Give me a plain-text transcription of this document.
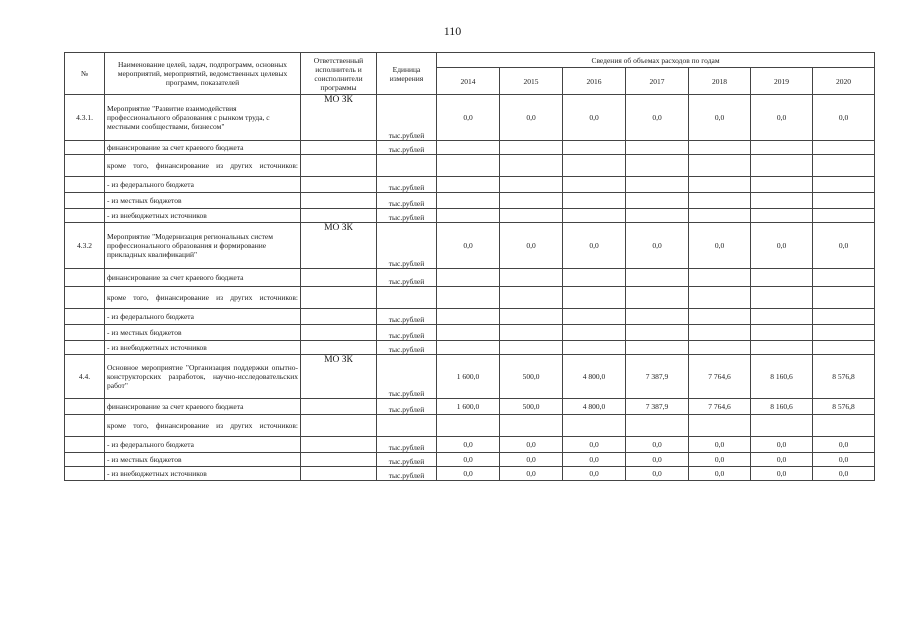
110
№	Наименование целей, задач, подпрограмм, основных мероприятий, мероприятий, ведомственных целевых программ, показателей	Ответственный исполнитель и соисполнители программы	Единица измерения	Сведения об объемах расходов по годам						
				2014	2015	2016	2017	2018	2019	2020
4.3.1.	Мероприятие "Развитие взаимодействия профессионального образования с рынком труда, с местными сообществами, бизнесом"	МО ЗК	тыс.рублей	0,0	0,0	0,0	0,0	0,0	0,0	0,0
	финансирование за счет краевого бюджета		тыс.рублей							
	кроме того, финансирование из других источников:									
	- из федерального бюджета		тыс.рублей							
	- из местных бюджетов		тыс.рублей							
	- из внебюджетных источников		тыс.рублей							
4.3.2	Мероприятие "Модернизация региональных систем профессионального образования и формирование прикладных квалификаций"	МО ЗК	тыс.рублей	0,0	0,0	0,0	0,0	0,0	0,0	0,0
	финансирование за счет краевого бюджета		тыс.рублей							
	кроме того, финансирование из других источников:									
	- из федерального бюджета		тыс.рублей							
	- из местных бюджетов		тыс.рублей							
	- из внебюджетных источников		тыс.рублей							
4.4.	Основное мероприятие "Организация поддержки опытно-конструкторских разработок, научно-исследовательских работ"	МО ЗК	тыс.рублей	1 600,0	500,0	4 800,0	7 387,9	7 764,6	8 160,6	8 576,8
	финансирование за счет краевого бюджета		тыс.рублей	1 600,0	500,0	4 800,0	7 387,9	7 764,6	8 160,6	8 576,8
	кроме того, финансирование из других источников:									
	- из федерального бюджета		тыс.рублей	0,0	0,0	0,0	0,0	0,0	0,0	0,0
	- из местных бюджетов		тыс.рублей	0,0	0,0	0,0	0,0	0,0	0,0	0,0
	- из внебюджетных источников		тыс.рублей	0,0	0,0	0,0	0,0	0,0	0,0	0,0
